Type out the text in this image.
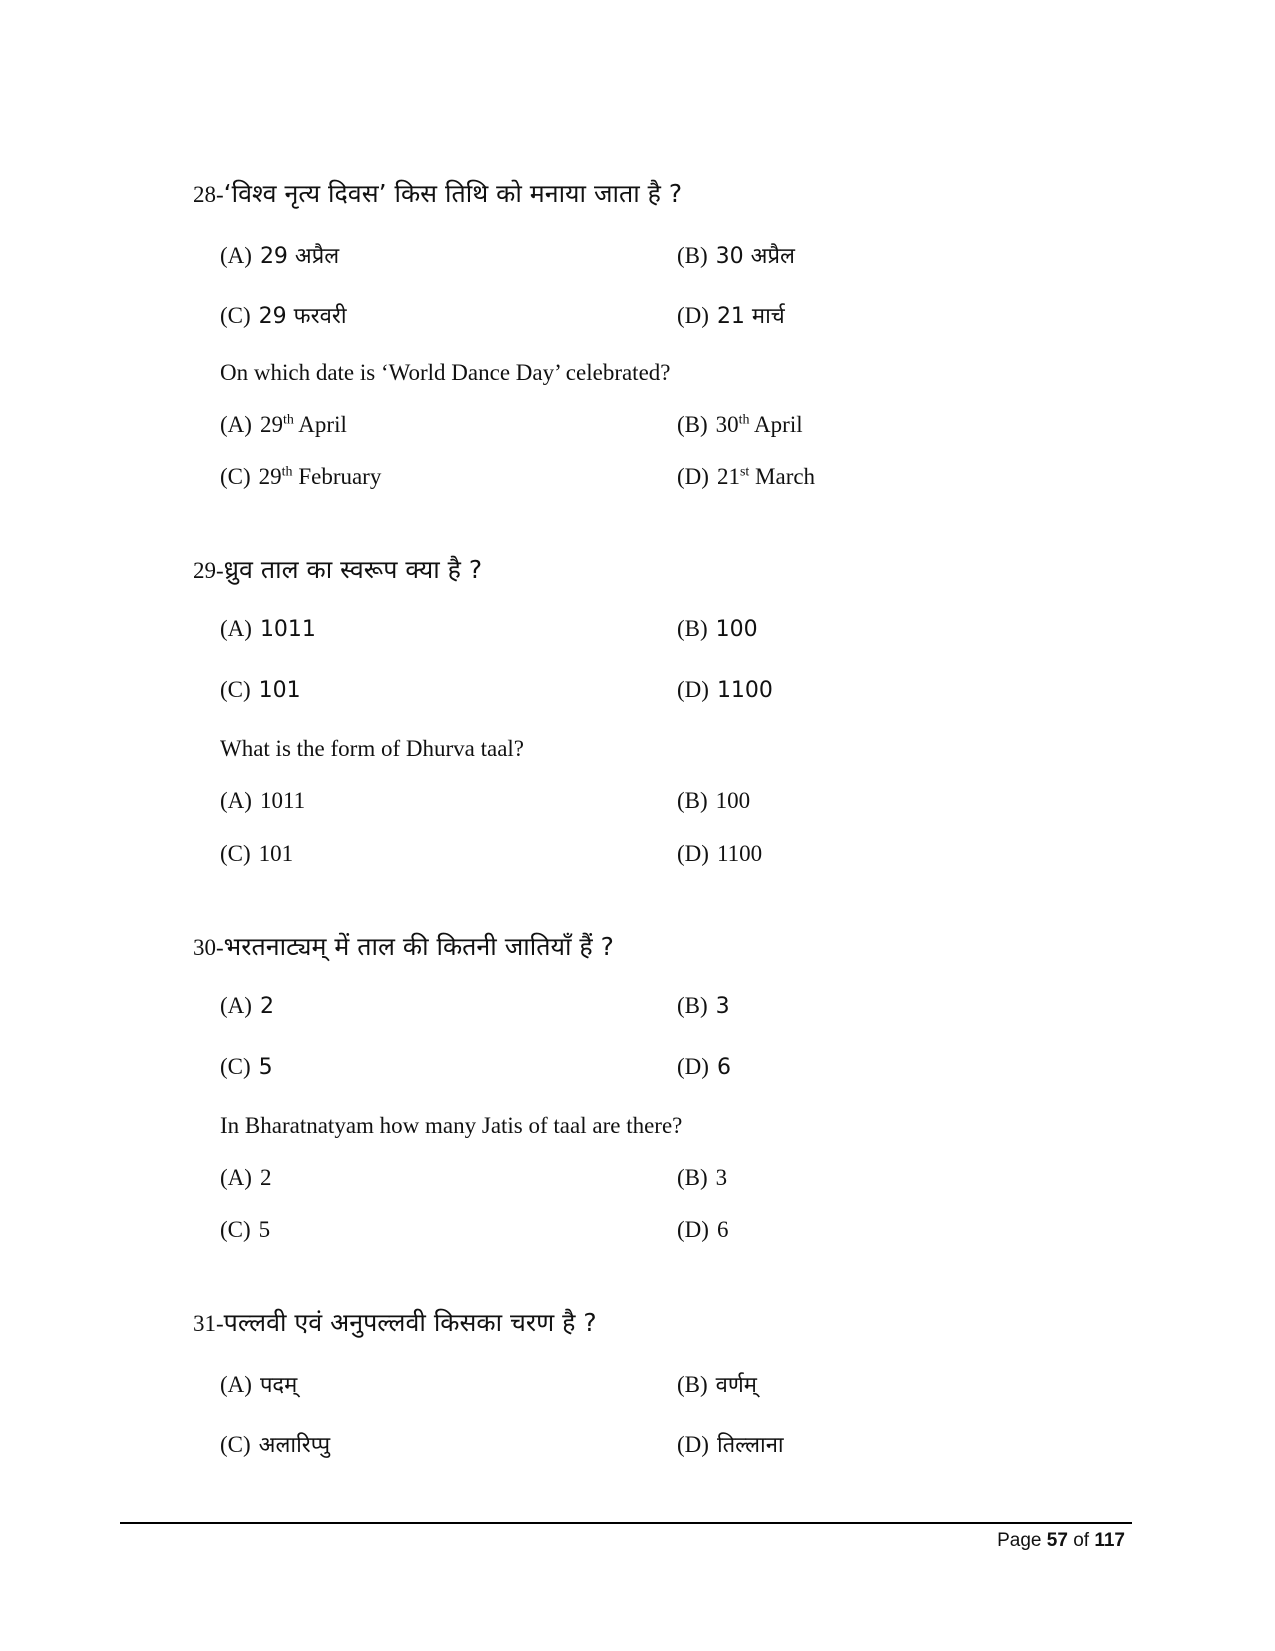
28-‘विश्व नृत्य दिवस’ किस तिथि को मनाया जाता है ?
(A) 29 अप्रैल	(B) 30 अप्रैल
(C) 29 फरवरी	(D) 21 मार्च
On which date is ‘World Dance Day’ celebrated?
(A) 29th April	(B) 30th April
(C) 29th February	(D) 21st March
29-ध्रुव ताल का स्वरूप क्या है ?
(A) 1011	(B) 100
(C) 101	(D) 1100
What is the form of Dhurva taal?
(A) 1011	(B) 100
(C) 101	(D) 1100
30-भरतनाट्यम् में ताल की कितनी जातियाँ हैं ?
(A) 2	(B) 3
(C) 5	(D) 6
In Bharatnatyam how many Jatis of taal are there?
(A) 2	(B) 3
(C) 5	(D) 6
31-पल्लवी एवं अनुपल्लवी किसका चरण है ?
(A) पदम्	(B) वर्णम्
(C) अलारिप्पु	(D) तिल्लाना
Page 57 of 117
